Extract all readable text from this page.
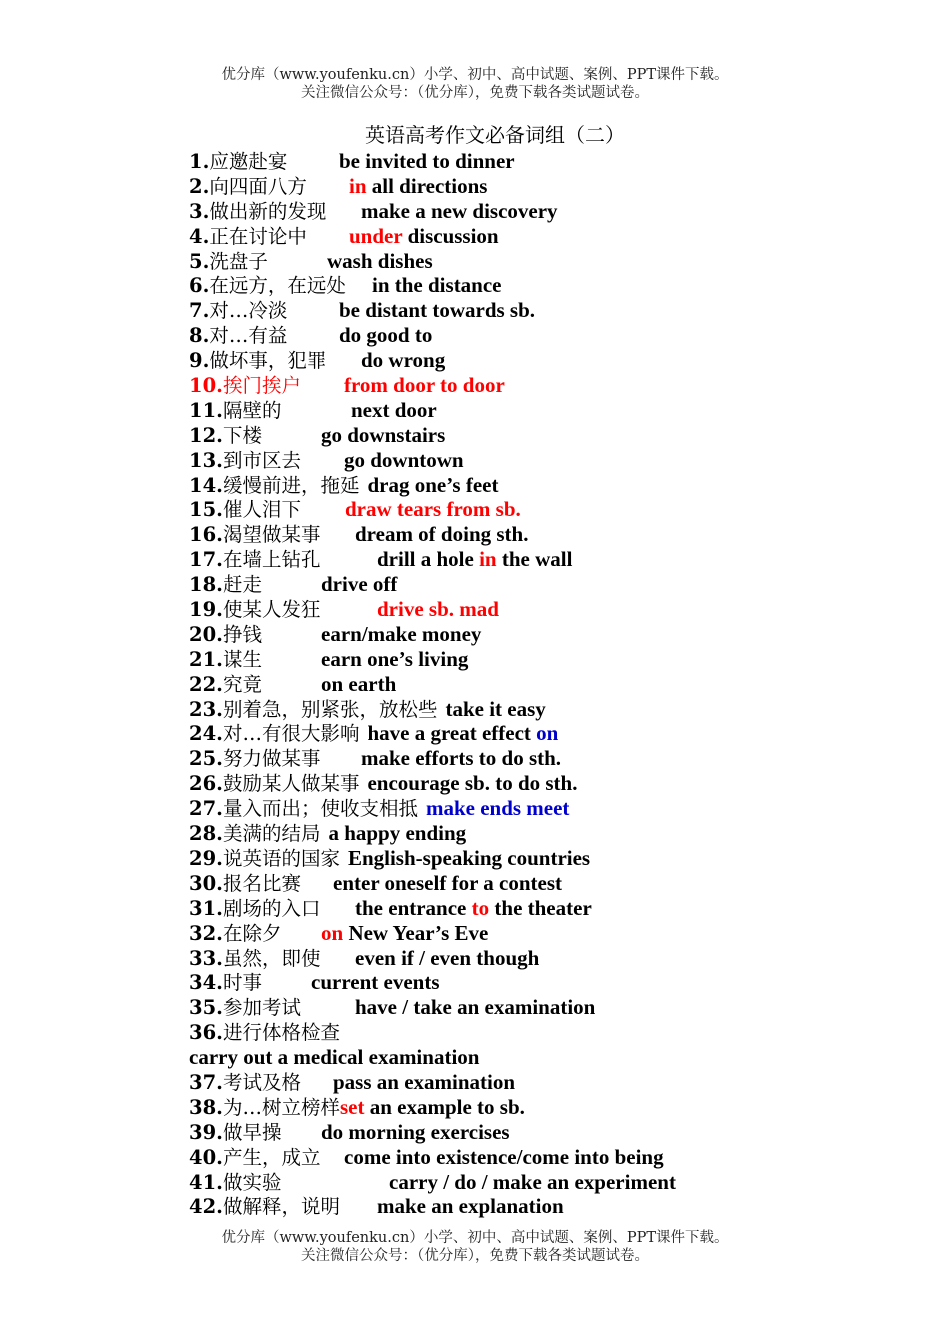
优分库（www.youfenku.cn）小学、初中、高中试题、案例、PPT课件下载。
关注微信公众号：（优分库），免费下载各类试题试卷。
英语高考作文必备词组（二）
1.应邀赴宴 be invited to dinner
2.向四面八方 in all directions
3.做出新的发现 make a new discovery
4.正在讨论中 under discussion
5.洗盘子	wash dishes
6.在远方，在远处 in the distance
7.对…冷淡 be distant towards sb.
8.对…有益 do good to
9.做坏事，犯罪 do wrong
10.挨门挨户 from door to door
11.隔壁的	next door
12.下楼	go downstairs
13.到市区去 go downtown
14.缓慢前进，拖延 drag one’s feet
15.催人泪下 draw tears from sb.
16.渴望做某事 dream of doing sth.
17.在墙上钻孔	drill a hole in the wall
18.赶走	drive off
19.使某人发狂	drive sb. mad
20.挣钱	earn/make money
21.谋生	earn one’s living
22.究竟	on earth
23.别着急，别紧张，放松些 take it easy
24.对…有很大影响 have a great effect on
25.努力做某事 make efforts to do sth.
26.鼓励某人做某事 encourage sb. to do sth.
27.量入而出；使收支相抵 make ends meet
28.美满的结局 a happy ending
29.说英语的国家 English-speaking countries
30.报名比赛 enter oneself for a contest
31.剧场的入口 the entrance to the theater
32.在除夕 on New Year’s Eve
33.虽然，即使 even if / even though
34.时事 current events
35.参加考试	have / take an examination
36.进行体格检查
carry out a medical examination
37.考试及格 pass an examination
38.为…树立榜样set an example to sb.
39.做早操 do morning exercises
40.产生，成立 come into existence/come into being
41.做实验	carry / do / make an experiment
42.做解释，说明 make an explanation
优分库（www.youfenku.cn）小学、初中、高中试题、案例、PPT课件下载。
关注微信公众号：（优分库），免费下载各类试题试卷。
